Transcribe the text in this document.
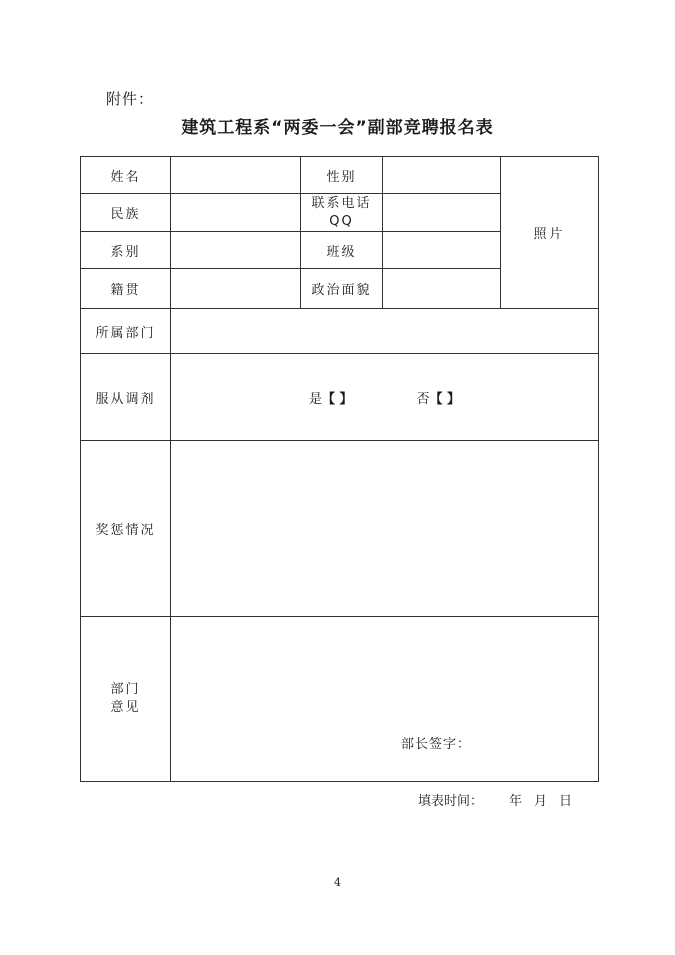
附件：
建筑工程系“两委一会”副部竞聘报名表
姓名		性别		照片
民族		联系电话
QQ		

系别		班级		
籍贯		政治面貌		
所属部门				
服从调剂	是【 】 否【 】			
奖惩情况				

部门
意见	部长签字：			
填表时间： 年 月 日
4
